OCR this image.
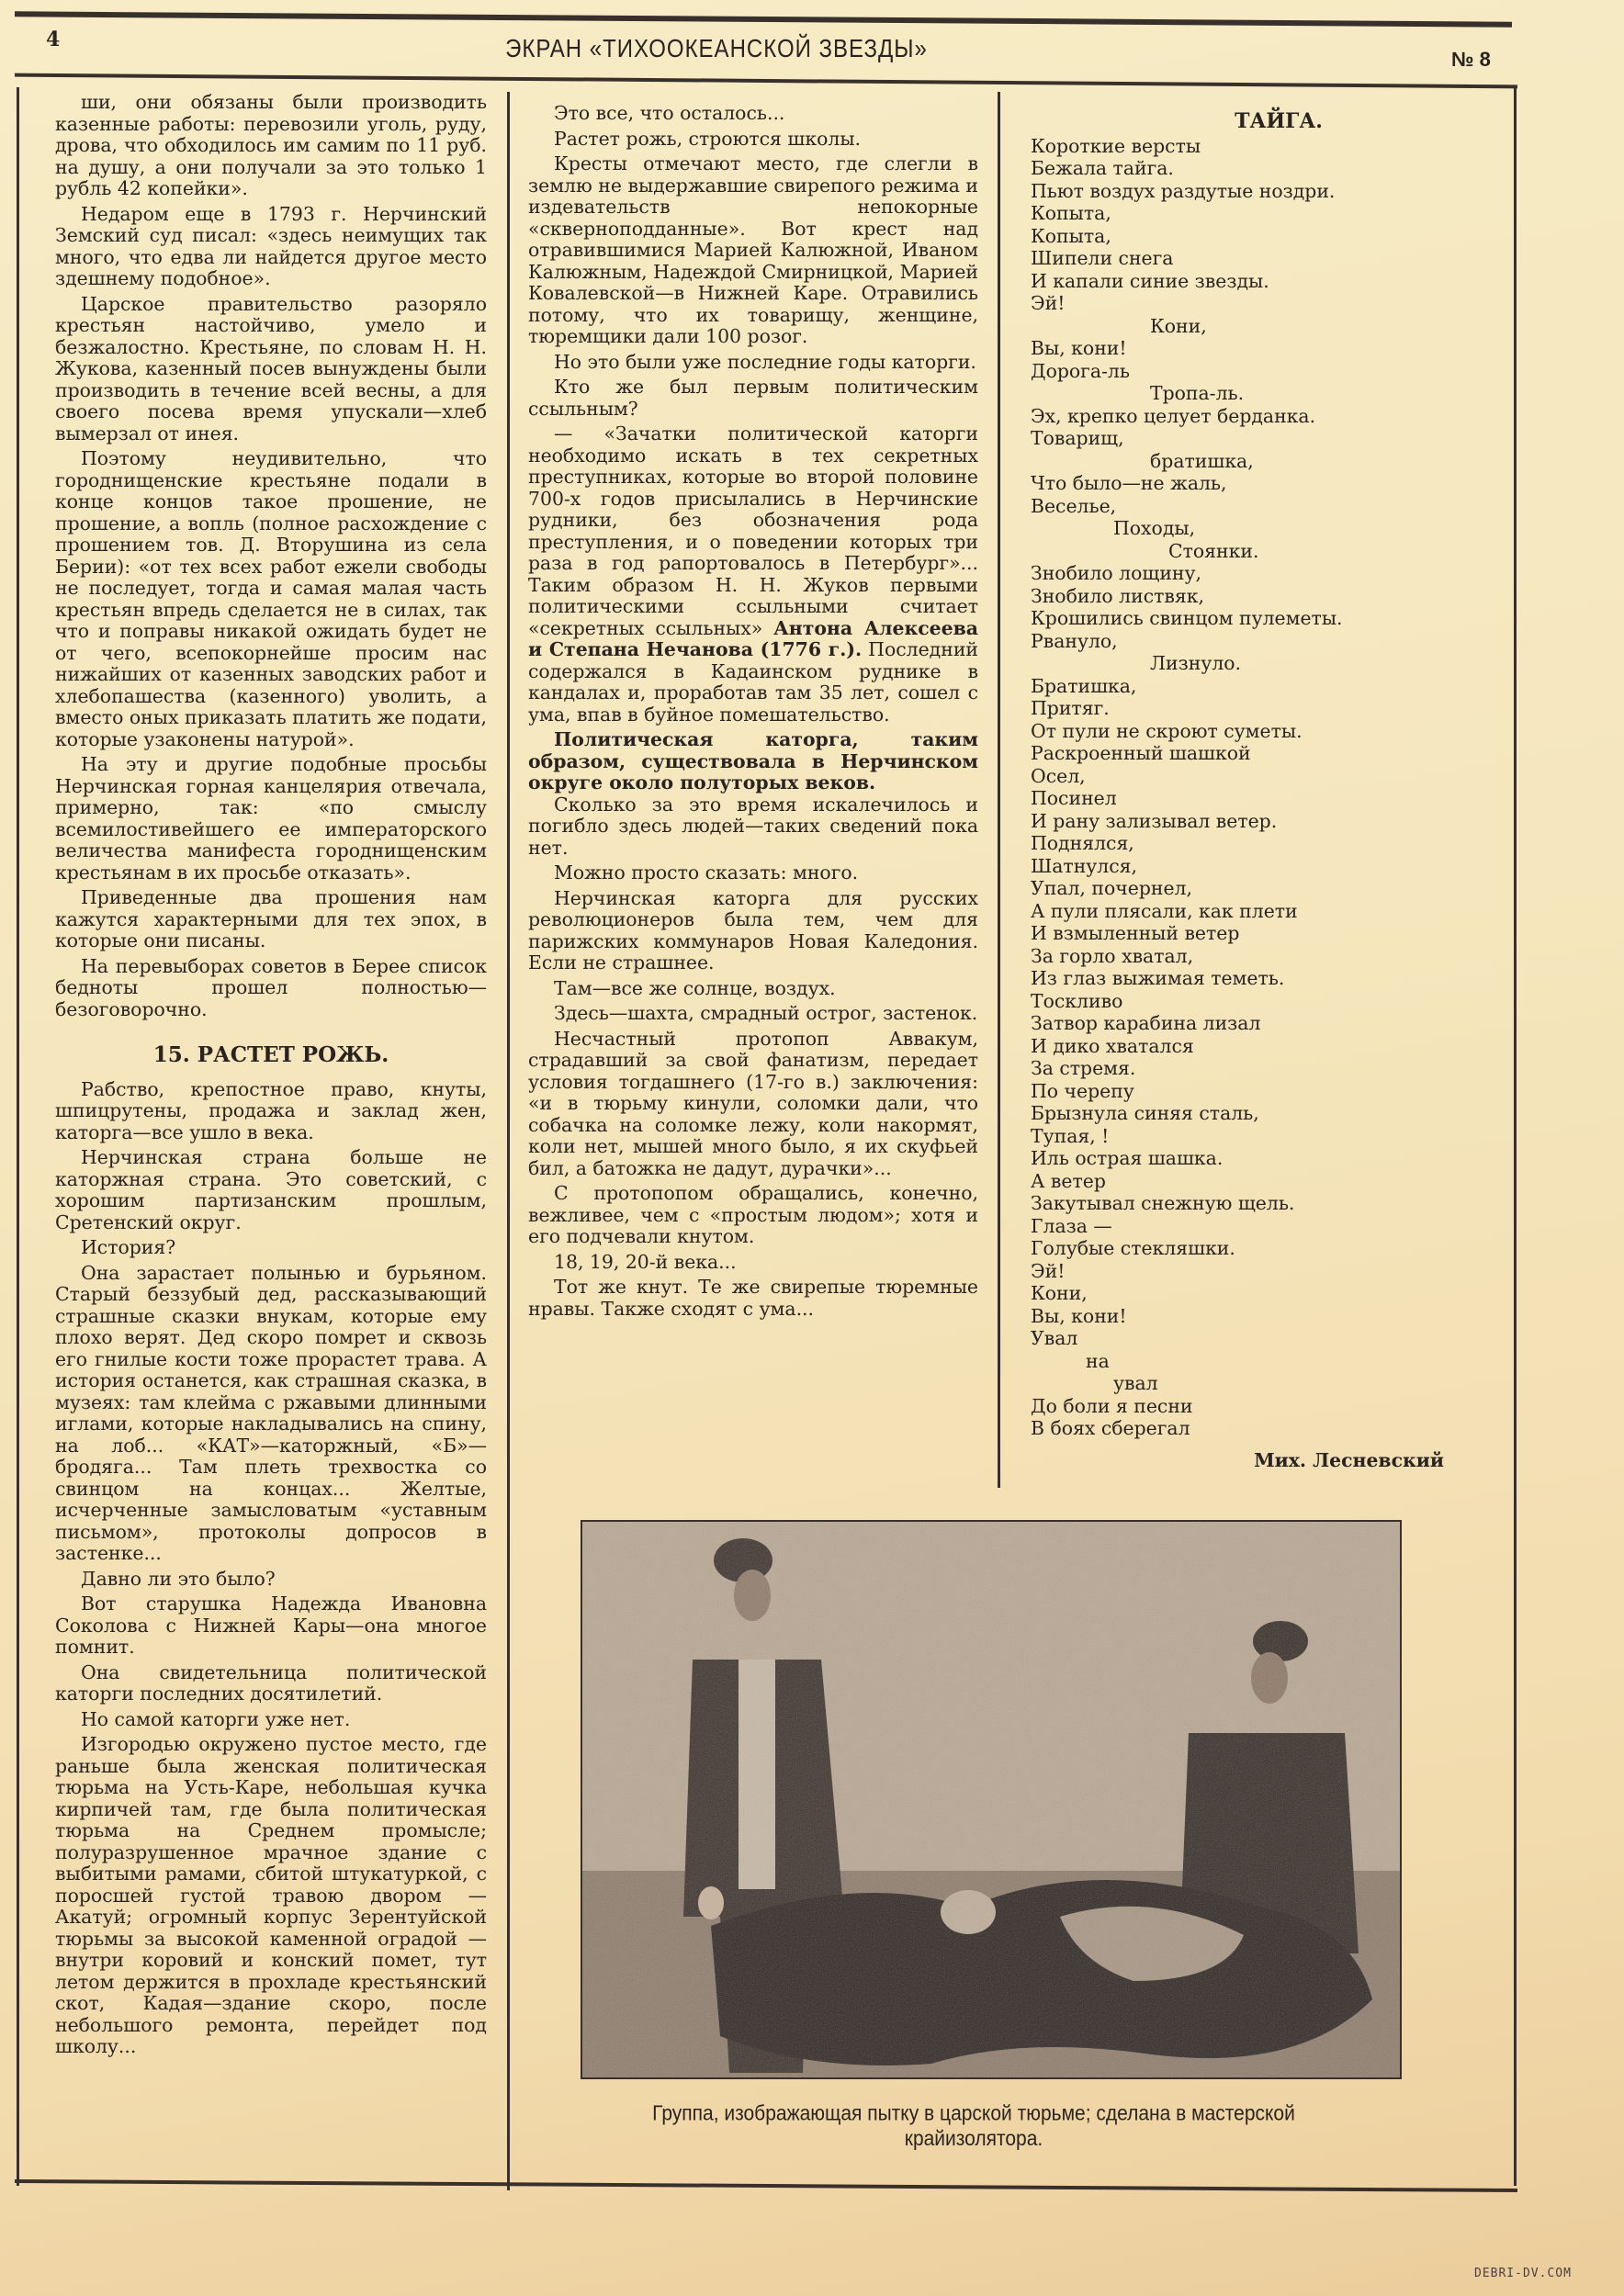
4	ЭКРАН «ТИХООКЕАНСКОЙ ЗВЕЗДЫ»	№ 8

ши, они обязаны были производить казенные работы: перевозили уголь, руду, дрова, что обходилось им самим по 11 руб. на душу, а они получали за это только 1 рубль 42 копейки».

Недаром еще в 1793 г. Нерчинский Земский суд писал: «здесь неимущих так много, что едва ли найдется другое место здешнему подобное».

Царское правительство разоряло крестьян настойчиво, умело и безжалостно. Крестьяне, по словам Н. Н. Жукова, казенный посев вынуждены были производить в течение всей весны, а для своего посева время упускали—хлеб вымерзал от инея.

Поэтому неудивительно, что городнищенские крестьяне подали в конце концов такое прошение, не прошение, а вопль (полное расхождение с прошением тов. Д. Вторушина из села Берии): «от тех всех работ ежели свободы не последует, тогда и самая малая часть крестьян впредь сделается не в силах, так что и поправы никакой ожидать будет не от чего, всепокорнейше просим нас нижайших от казенных заводских работ и хлебопашества (казенного) уволить, а вместо оных приказать платить же подати, которые узаконены натурой».

На эту и другие подобные просьбы Нерчинская горная канцелярия отвечала, примерно, так: «по смыслу всемилостивейшего ее императорского величества манифеста городнищенским крестьянам в их просьбе отказать».

Приведенные два прошения нам кажутся характерными для тех эпох, в которые они писаны.

На перевыборах советов в Берее список бедноты прошел полностью—безоговорочно.

15. РАСТЕТ РОЖЬ.

Рабство, крепостное право, кнуты, шпицрутены, продажа и заклад жен, каторга—все ушло в века.

Нерчинская страна больше не каторжная страна. Это советский, с хорошим партизанским прошлым, Сретенский округ.

История?

Она зарастает полынью и бурьяном. Старый беззубый дед, рассказывающий страшные сказки внукам, которые ему плохо верят. Дед скоро помрет и сквозь его гнилые кости тоже прорастет трава. А история останется, как страшная сказка, в музеях: там клейма с ржавыми длинными иглами, которые накладывались на спину, на лоб... «КАТ»—каторжный, «Б»—бродяга... Там плеть трехвостка со свинцом на концах... Желтые, исчерченные замысловатым «уставным письмом», протоколы допросов в застенке...

Давно ли это было?

Вот старушка Надежда Ивановна Соколова с Нижней Кары—она многое помнит.

Она свидетельница политической каторги последних досятилетий.

Но самой каторги уже нет.

Изгородью окружено пустое место, где раньше была женская политическая тюрьма на Усть-Каре, небольшая кучка кирпичей там, где была политическая тюрьма на Среднем промысле; полуразрушенное мрачное здание с выбитыми рамами, сбитой штукатуркой, с поросшей густой травою двором — Акатуй; огромный корпус Зерентуйской тюрьмы за высокой каменной оградой — внутри коровий и конский помет, тут летом держится в прохладе крестьянский скот, Кадая—здание скоро, после небольшого ремонта, перейдет под школу...

Это все, что осталось...

Растет рожь, строются школы.

Кресты отмечают место, где слегли в землю не выдержавшие свирепого режима и издевательств непокорные «скверноподданные». Вот крест над отравившимися Марией Калюжной, Иваном Калюжным, Надеждой Смирницкой, Марией Ковалевской—в Нижней Каре. Отравились потому, что их товарищу, женщине, тюремщики дали 100 розог.

Но это были уже последние годы каторги.

Кто же был первым политическим ссыльным?

— «Зачатки политической каторги необходимо искать в тех секретных преступниках, которые во второй половине 700-х годов присылались в Нерчинские рудники, без обозначения рода преступления, и о поведении которых три раза в год рапортовалось в Петербург»... Таким образом Н. Н. Жуков первыми политическими ссыльными считает «секретных ссыльных» Антона Алексеева и Степана Нечанова (1776 г.). Последний содержался в Кадаинском руднике в кандалах и, проработав там 35 лет, сошел с ума, впав в буйное помешательство.

Политическая каторга, таким образом, существовала в Нерчинском округе около полуторых веков.

Сколько за это время искалечилось и погибло здесь людей—таких сведений пока нет.

Можно просто сказать: много.

Нерчинская каторга для русских революционеров была тем, чем для парижских коммунаров Новая Каледония. Если не страшнее.

Там—все же солнце, воздух.

Здесь—шахта, смрадный острог, застенок.

Несчастный протопоп Аввакум, страдавший за свой фанатизм, передает условия тогдашнего (17-го в.) заключения: «и в тюрьму кинули, соломки дали, что собачка на соломке лежу, коли накормят, коли нет, мышей много было, я их скуфьей бил, а батожка не дадут, дурачки»...

С протопопом обращались, конечно, вежливее, чем с «простым людом»; хотя и его подчевали кнутом.

18, 19, 20-й века...

Тот же кнут. Те же свирепые тюремные нравы. Также сходят с ума...

ТАЙГА.
Короткие версты
Бежала тайга.
Пьют воздух раздутые ноздри.
Копыта,
Копыта,
Шипели снега
И капали синие звезды.
Эй!
Кони,
Вы, кони!
Дорога-ль
Тропа-ль.
Эх, крепко целует берданка.
Товарищ,
братишка,
Что было—не жаль,
Веселье,
Походы,
Стоянки.
Знобило лощину,
Знобило листвяк,
Крошились свинцом пулеметы.
Рвануло,
Лизнуло.
Братишка,
Притяг.
От пули не скроют суметы.
Раскроенный шашкой
Осел,
Посинел
И рану зализывал ветер.
Поднялся,
Шатнулся,
Упал, почернел,
А пули плясали, как плети
И взмыленный ветер
За горло хватал,
Из глаз выжимая теметь.
Тоскливо
Затвор карабина лизал
И дико хватался
За стремя.
По черепу
Брызнула синяя сталь,
Тупая, !
Иль острая шашка.
А ветер
Закутывал снежную щель.
Глаза —
Голубые стекляшки.
Эй!
Кони,
Вы, кони!
Увал
на
увал
До боли я песни
В боях сберегал
Мих. Лесневский
Группа, изображающая пытку в царской тюрьме; сделана в мастерской
крайизолятора.
DEBRI-DV.COM
